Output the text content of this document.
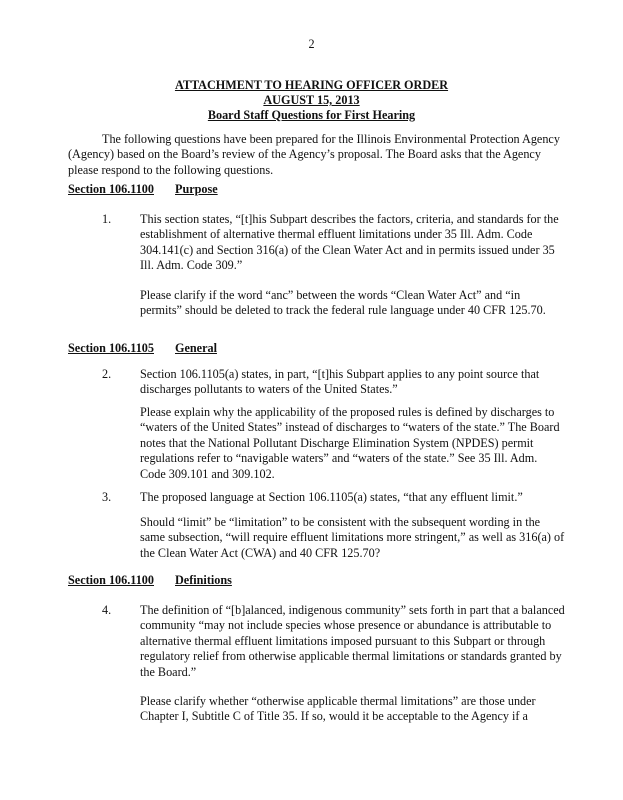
2
ATTACHMENT TO HEARING OFFICER ORDER
AUGUST 15, 2013
Board Staff Questions for First Hearing

The following questions have been prepared for the Illinois Environmental Protection Agency (Agency) based on the Board’s review of the Agency’s proposal. The Board asks that the Agency please respond to the following questions.

Section 106.1100 Purpose
1. This section states, “[t]his Subpart describes the factors, criteria, and standards for the establishment of alternative thermal effluent limitations under 35 Ill. Adm. Code 304.141(c) and Section 316(a) of the Clean Water Act and in permits issued under 35 Ill. Adm. Code 309.”

Please clarify if the word “anc” between the words “Clean Water Act” and “in permits” should be deleted to track the federal rule language under 40 CFR 125.70.

Section 106.1105 General
2. Section 106.1105(a) states, in part, “[t]his Subpart applies to any point source that discharges pollutants to waters of the United States.”

Please explain why the applicability of the proposed rules is defined by discharges to “waters of the United States” instead of discharges to “waters of the state.” The Board notes that the National Pollutant Discharge Elimination System (NPDES) permit regulations refer to “navigable waters” and “waters of the state.” See 35 Ill. Adm. Code 309.101 and 309.102.

3. The proposed language at Section 106.1105(a) states, “that any effluent limit.”

Should “limit” be “limitation” to be consistent with the subsequent wording in the same subsection, “will require effluent limitations more stringent,” as well as 316(a) of the Clean Water Act (CWA) and 40 CFR 125.70?

Section 106.1100 Definitions
4. The definition of “[b]alanced, indigenous community” sets forth in part that a balanced community “may not include species whose presence or abundance is attributable to alternative thermal effluent limitations imposed pursuant to this Subpart or through regulatory relief from otherwise applicable thermal limitations or standards granted by the Board.”

Please clarify whether “otherwise applicable thermal limitations” are those under Chapter I, Subtitle C of Title 35. If so, would it be acceptable to the Agency if a
